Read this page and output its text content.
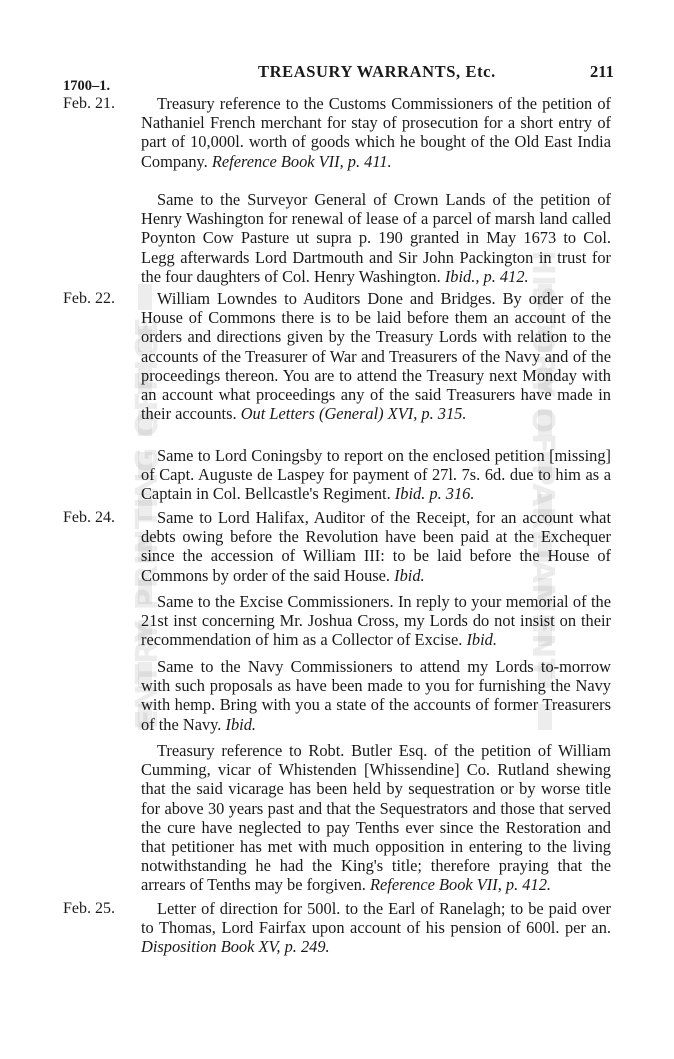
TREASURY WARRANTS, Etc.	211
1700–1.
ENTRY PRINTING OFFICE	HISTORY OF PARLIAMENT
Feb. 21.	Treasury reference to the Customs Commissioners of the petition of Nathaniel French merchant for stay of prosecution for a short entry of part of 10,000l. worth of goods which he bought of the Old East India Company. Reference Book VII, p. 411.
Same to the Surveyor General of Crown Lands of the petition of Henry Washington for renewal of lease of a parcel of marsh land called Poynton Cow Pasture ut supra p. 190 granted in May 1673 to Col. Legg afterwards Lord Dartmouth and Sir John Packington in trust for the four daughters of Col. Henry Washington. Ibid., p. 412.
Feb. 22.	William Lowndes to Auditors Done and Bridges. By order of the House of Commons there is to be laid before them an account of the orders and directions given by the Treasury Lords with relation to the accounts of the Treasurer of War and Treasurers of the Navy and of the proceedings thereon. You are to attend the Treasury next Monday with an account what proceedings any of the said Treasurers have made in their accounts. Out Letters (General) XVI, p. 315.
Same to Lord Coningsby to report on the enclosed petition [missing] of Capt. Auguste de Laspey for payment of 27l. 7s. 6d. due to him as a Captain in Col. Bellcastle's Regiment. Ibid. p. 316.
Feb. 24.	Same to Lord Halifax, Auditor of the Receipt, for an account what debts owing before the Revolution have been paid at the Exchequer since the accession of William III: to be laid before the House of Commons by order of the said House. Ibid.
Same to the Excise Commissioners. In reply to your memorial of the 21st inst concerning Mr. Joshua Cross, my Lords do not insist on their recommendation of him as a Collector of Excise. Ibid.
Same to the Navy Commissioners to attend my Lords to-morrow with such proposals as have been made to you for furnishing the Navy with hemp. Bring with you a state of the accounts of former Treasurers of the Navy. Ibid.
Treasury reference to Robt. Butler Esq. of the petition of William Cumming, vicar of Whistenden [Whissendine] Co. Rutland shewing that the said vicarage has been held by sequestration or by worse title for above 30 years past and that the Sequestrators and those that served the cure have neglected to pay Tenths ever since the Restoration and that petitioner has met with much opposition in entering to the living notwithstanding he had the King's title; therefore praying that the arrears of Tenths may be forgiven. Reference Book VII, p. 412.
Feb. 25.	Letter of direction for 500l. to the Earl of Ranelagh; to be paid over to Thomas, Lord Fairfax upon account of his pension of 600l. per an. Disposition Book XV, p. 249.
